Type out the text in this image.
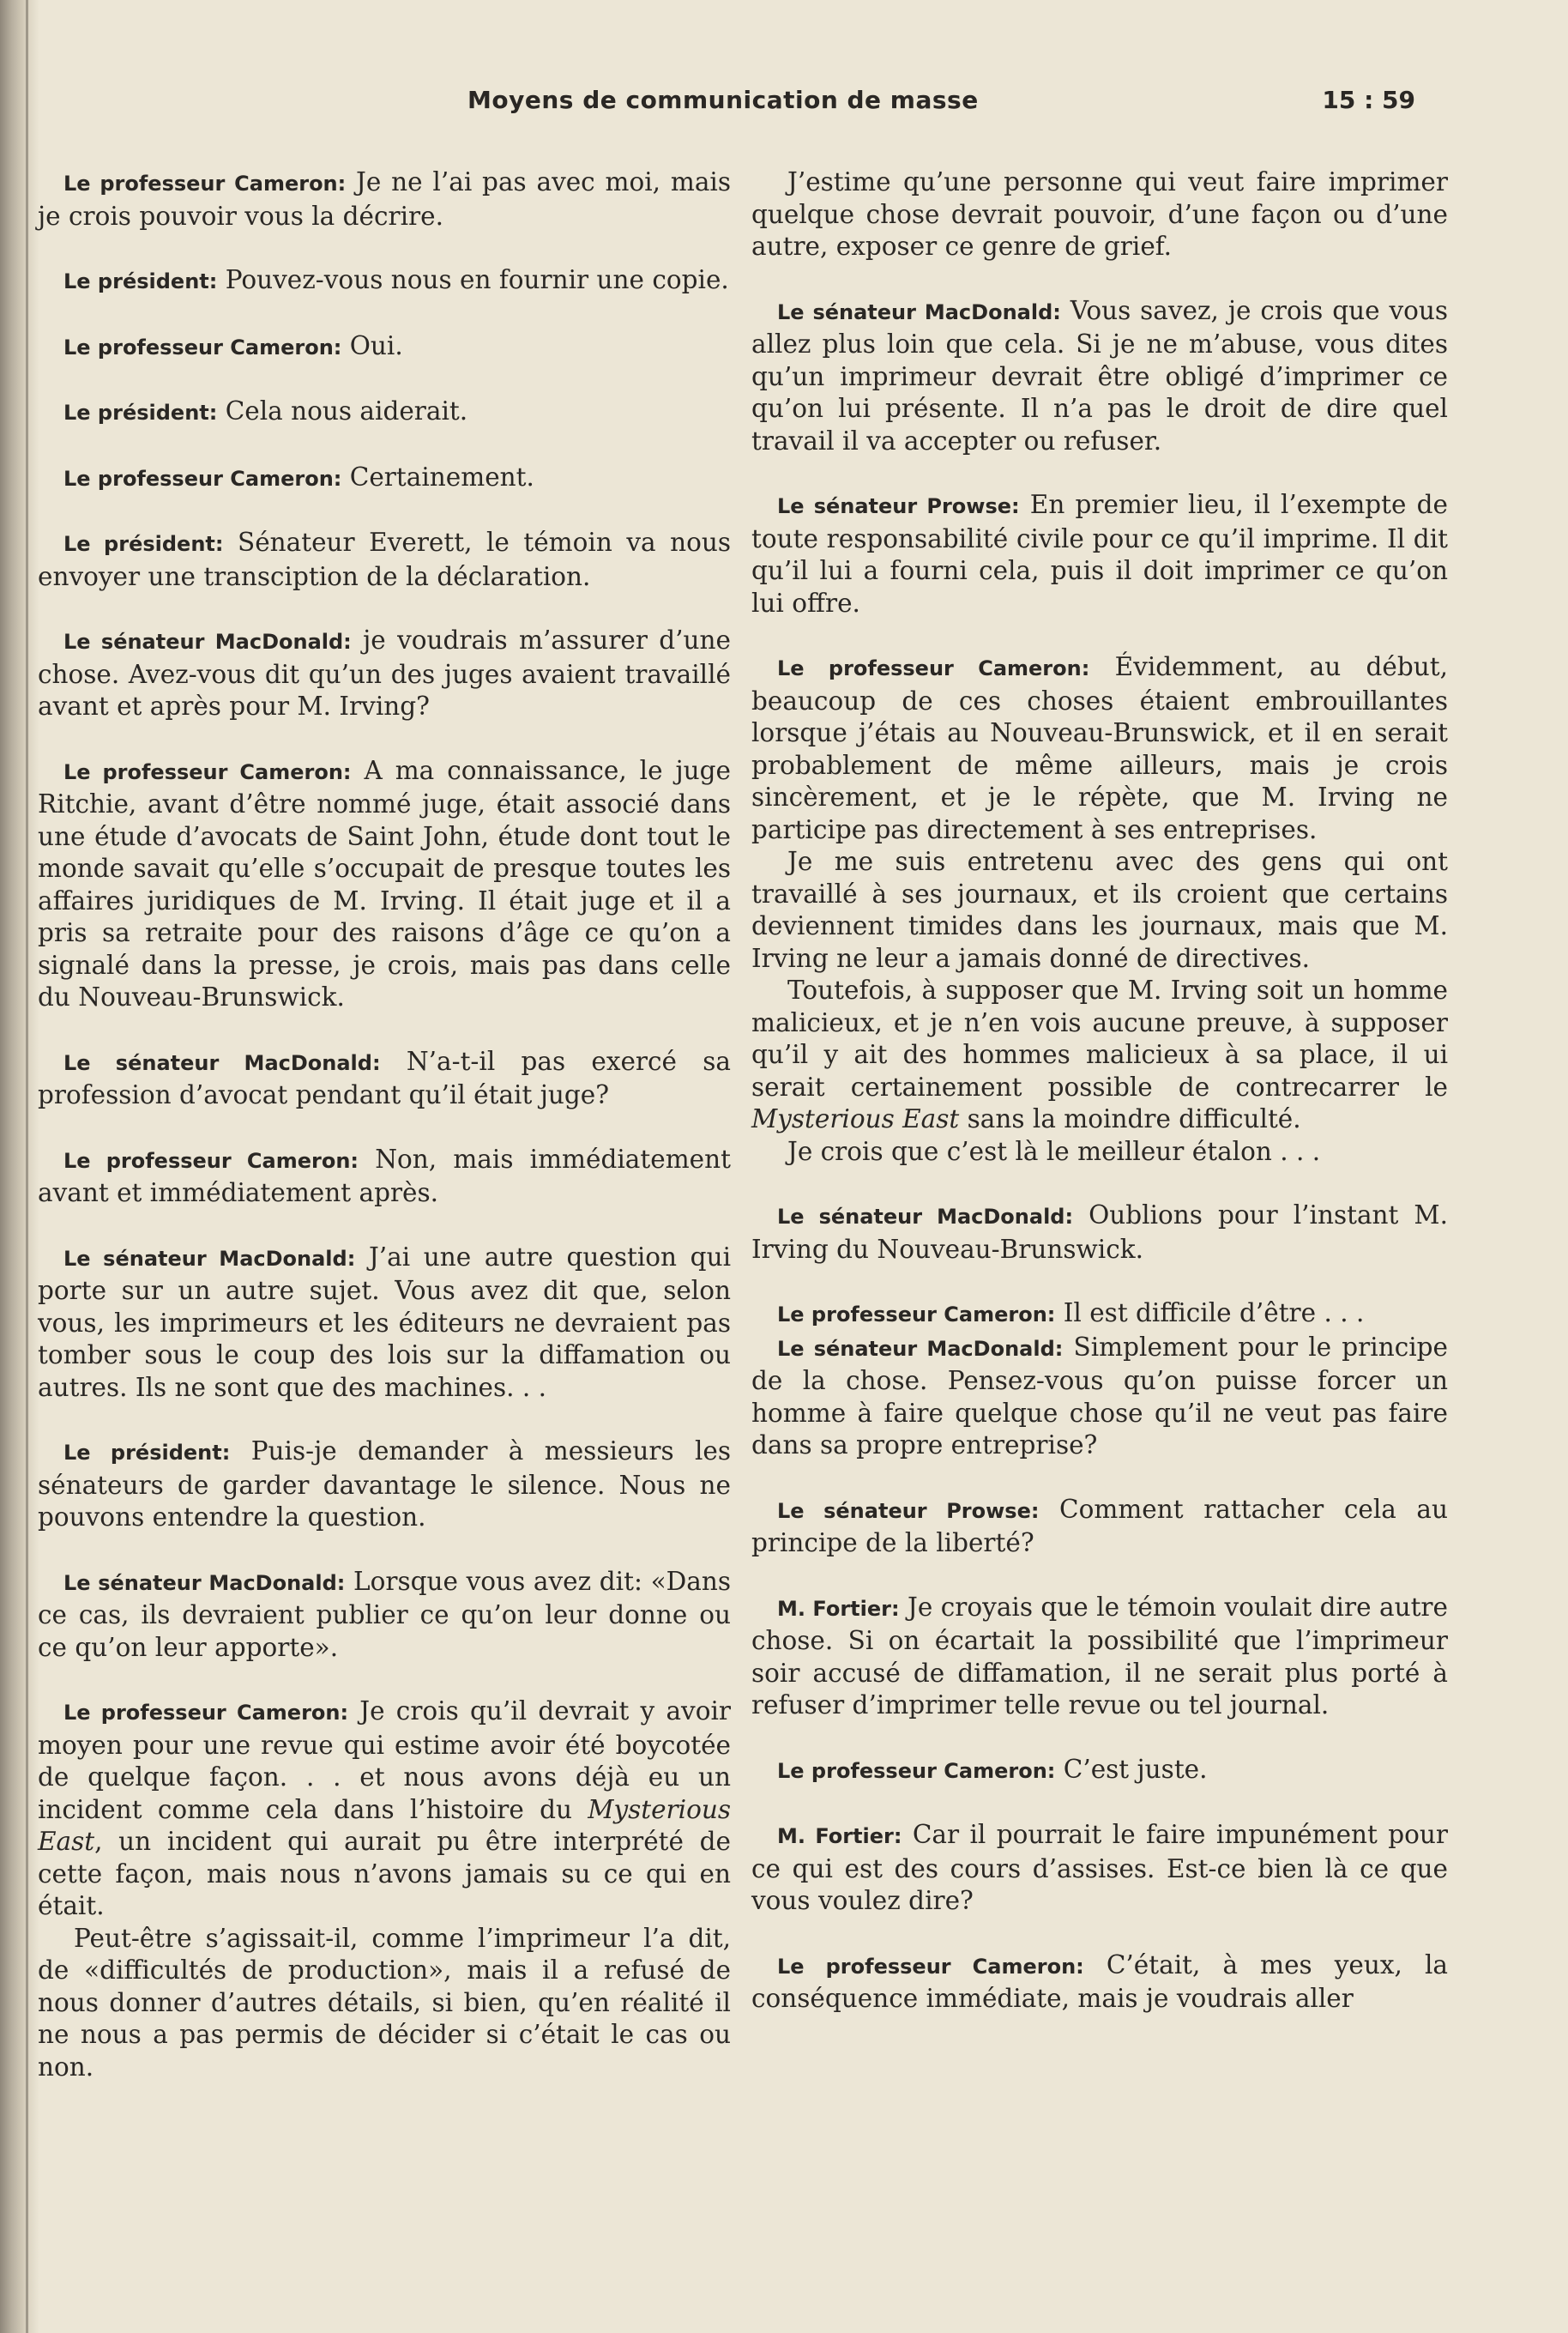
Moyens de communication de masse	15 : 59

Le professeur Cameron: Je ne l’ai pas avec moi, mais je crois pouvoir vous la décrire.

Le président: Pouvez-vous nous en fournir une copie.

Le professeur Cameron: Oui.

Le président: Cela nous aiderait.

Le professeur Cameron: Certainement.

Le président: Sénateur Everett, le témoin va nous envoyer une transciption de la déclaration.

Le sénateur MacDonald: je voudrais m’assurer d’une chose. Avez-vous dit qu’un des juges avaient travaillé avant et après pour M. Irving?

Le professeur Cameron: A ma connaissance, le juge Ritchie, avant d’être nommé juge, était associé dans une étude d’avocats de Saint John, étude dont tout le monde savait qu’elle s’occupait de presque toutes les affaires juridiques de M. Irving. Il était juge et il a pris sa retraite pour des raisons d’âge ce qu’on a signalé dans la presse, je crois, mais pas dans celle du Nouveau-Brunswick.

Le sénateur MacDonald: N’a-t-il pas exercé sa profession d’avocat pendant qu’il était juge?

Le professeur Cameron: Non, mais immédiatement avant et immédiatement après.

Le sénateur MacDonald: J’ai une autre question qui porte sur un autre sujet. Vous avez dit que, selon vous, les imprimeurs et les éditeurs ne devraient pas tomber sous le coup des lois sur la diffamation ou autres. Ils ne sont que des machines. . .

Le président: Puis-je demander à messieurs les sénateurs de garder davantage le silence. Nous ne pouvons entendre la question.

Le sénateur MacDonald: Lorsque vous avez dit: «Dans ce cas, ils devraient publier ce qu’on leur donne ou ce qu’on leur apporte».

Le professeur Cameron: Je crois qu’il devrait y avoir moyen pour une revue qui estime avoir été boycotée de quelque façon. . . et nous avons déjà eu un incident comme cela dans l’histoire du Mysterious East, un incident qui aurait pu être interprété de cette façon, mais nous n’avons jamais su ce qui en était.

Peut-être s’agissait-il, comme l’imprimeur l’a dit, de «difficultés de production», mais il a refusé de nous donner d’autres détails, si bien, qu’en réalité il ne nous a pas permis de décider si c’était le cas ou non.

J’estime qu’une personne qui veut faire imprimer quelque chose devrait pouvoir, d’une façon ou d’une autre, exposer ce genre de grief.

Le sénateur MacDonald: Vous savez, je crois que vous allez plus loin que cela. Si je ne m’abuse, vous dites qu’un imprimeur devrait être obligé d’imprimer ce qu’on lui présente. Il n’a pas le droit de dire quel travail il va accepter ou refuser.

Le sénateur Prowse: En premier lieu, il l’exempte de toute responsabilité civile pour ce qu’il imprime. Il dit qu’il lui a fourni cela, puis il doit imprimer ce qu’on lui offre.

Le professeur Cameron: Évidemment, au début, beaucoup de ces choses étaient embrouillantes lorsque j’étais au Nouveau-Brunswick, et il en serait probablement de même ailleurs, mais je crois sincèrement, et je le répète, que M. Irving ne participe pas directement à ses entreprises.

Je me suis entretenu avec des gens qui ont travaillé à ses journaux, et ils croient que certains deviennent timides dans les journaux, mais que M. Irving ne leur a jamais donné de directives.

Toutefois, à supposer que M. Irving soit un homme malicieux, et je n’en vois aucune preuve, à supposer qu’il y ait des hommes malicieux à sa place, il ui serait certainement possible de contrecarrer le Mysterious East sans la moindre difficulté.

Je crois que c’est là le meilleur étalon . . .

Le sénateur MacDonald: Oublions pour l’instant M. Irving du Nouveau-Brunswick.

Le professeur Cameron: Il est difficile d’être . . .

Le sénateur MacDonald: Simplement pour le principe de la chose. Pensez-vous qu’on puisse forcer un homme à faire quelque chose qu’il ne veut pas faire dans sa propre entreprise?

Le sénateur Prowse: Comment rattacher cela au principe de la liberté?

M. Fortier: Je croyais que le témoin voulait dire autre chose. Si on écartait la possibilité que l’imprimeur soir accusé de diffamation, il ne serait plus porté à refuser d’imprimer telle revue ou tel journal.

Le professeur Cameron: C’est juste.

M. Fortier: Car il pourrait le faire impunément pour ce qui est des cours d’assises. Est-ce bien là ce que vous voulez dire?

Le professeur Cameron: C’était, à mes yeux, la conséquence immédiate, mais je voudrais aller
